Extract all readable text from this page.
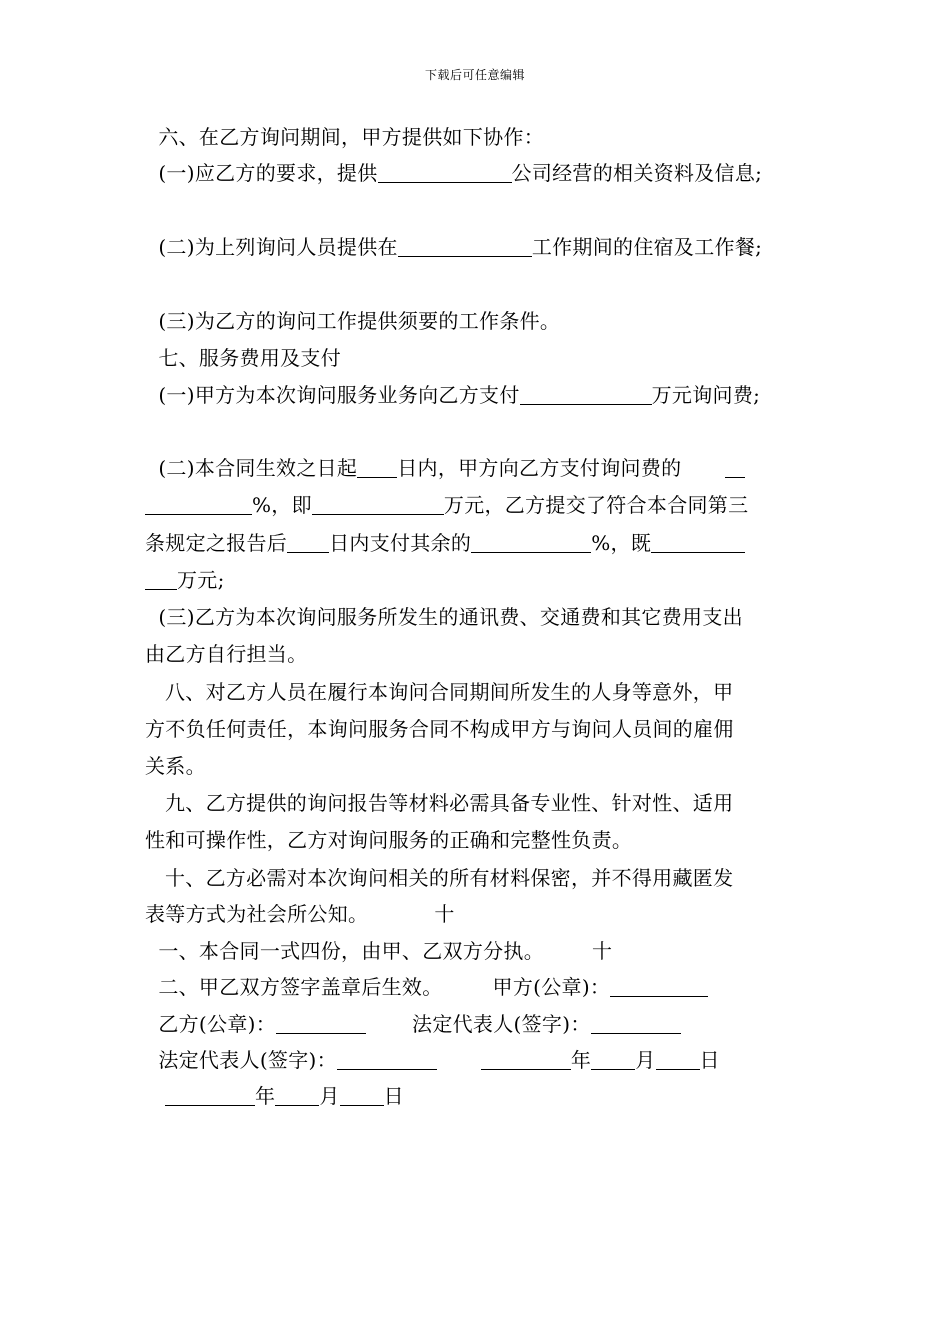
下载后可任意编辑
六、在乙方询问期间，甲方提供如下协作：
(一)应乙方的要求，提供	公司经营的相关资料及信息;
(二)为上列询问人员提供在	工作期间的住宿及工作餐;
(三)为乙方的询问工作提供须要的工作条件。
七、服务费用及支付
(一)甲方为本次询问服务业务向乙方支付	万元询问费;
(二)本合同生效之日起 日内，甲方向乙方支付询问费的
%，即	万元，乙方提交了符合本合同第三
条规定之报告后 日内支付其余的	%，既
万元;
(三)乙方为本次询问服务所发生的通讯费、交通费和其它费用支出
由乙方自行担当。
八、对乙方人员在履行本询问合同期间所发生的人身等意外，甲
方不负任何责任，本询问服务合同不构成甲方与询问人员间的雇佣
关系。
九、乙方提供的询问报告等材料必需具备专业性、针对性、适用
性和可操作性，乙方对询问服务的正确和完整性负责。
十、乙方必需对本次询问相关的所有材料保密，并不得用藏匿发
表等方式为社会所公知。	十
一、本合同一式四份，由甲、乙双方分执。 十
二、甲乙双方签字盖章后生效。	甲方(公章)：
乙方(公章)：	法定代表人(签字)：
法定代表人(签字)：	年 月 日
年 月 日
